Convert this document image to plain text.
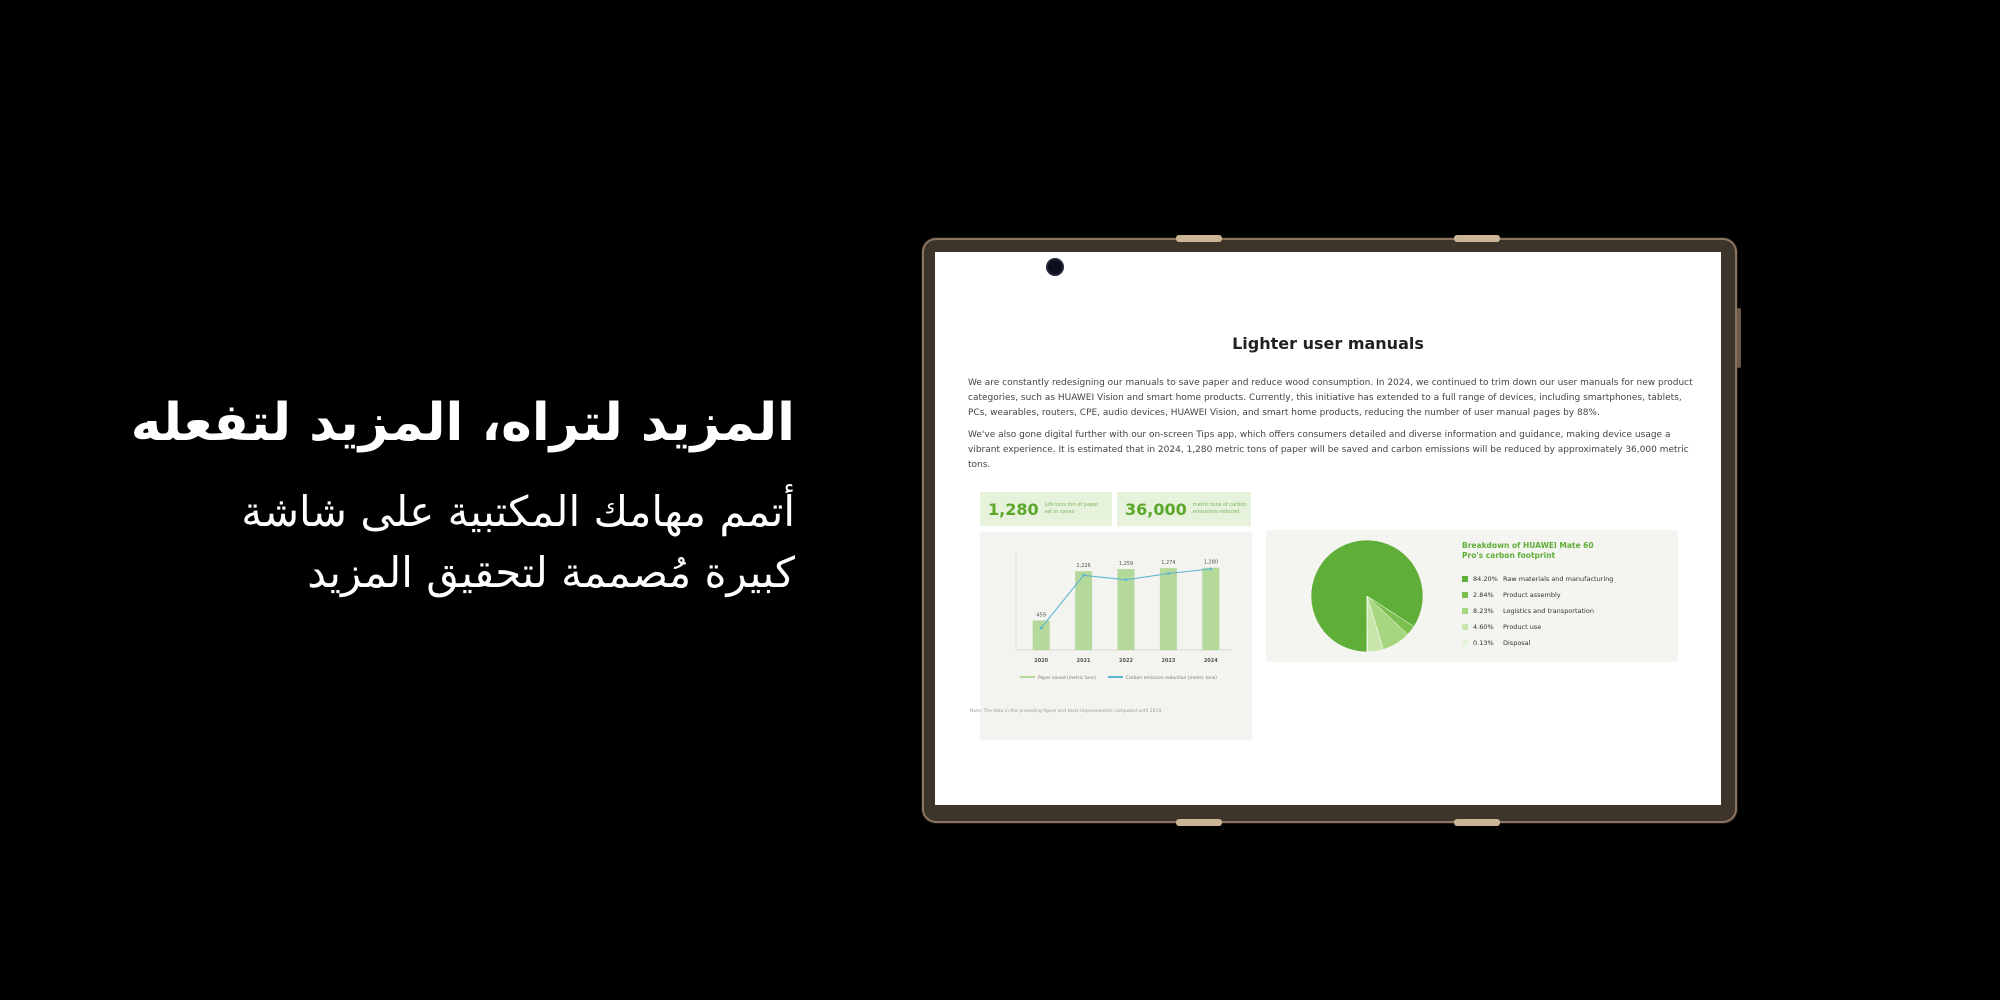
المزيد لتراه، المزيد لتفعله

أتمم مهامك المكتبية على شاشة

كبيرة مُصممة لتحقيق المزيد

Lighter user manuals

We are constantly redesigning our manuals to save paper and reduce wood consumption. In 2024, we continued to trim down our user manuals for new product categories, such as HUAWEI Vision and smart home products. Currently, this initiative has extended to a full range of devices, including smartphones, tablets, PCs, wearables, routers, CPE, audio devices, HUAWEI Vision, and smart home products, reducing the number of user manual pages by 88%.

We've also gone digital further with our on-screen Tips app, which offers consumers detailed and diverse information and guidance, making device usage a vibrant experience. It is estimated that in 2024, 1,280 metric tons of paper will be saved and carbon emissions will be reduced by approximately 36,000 metric tons.

1,280	Life tons ton of paper set in saves	36,000	metric tons of carbon emissions reduced
459
2020
1,226
2021
1,259
2022
1,274
2023
1,280
2024
Paper saved (metric tons)	Carbon emission reduction (metric tons)
Breakdown of HUAWEI Mate 60 Pro's carbon footprint
84.20% Raw materials and manufacturing
2.84% Product assembly
8.23% Logistics and transportation
4.60% Product use
0.13% Disposal
Note: The data in the preceding figure and texts improvements computed until 2019.
